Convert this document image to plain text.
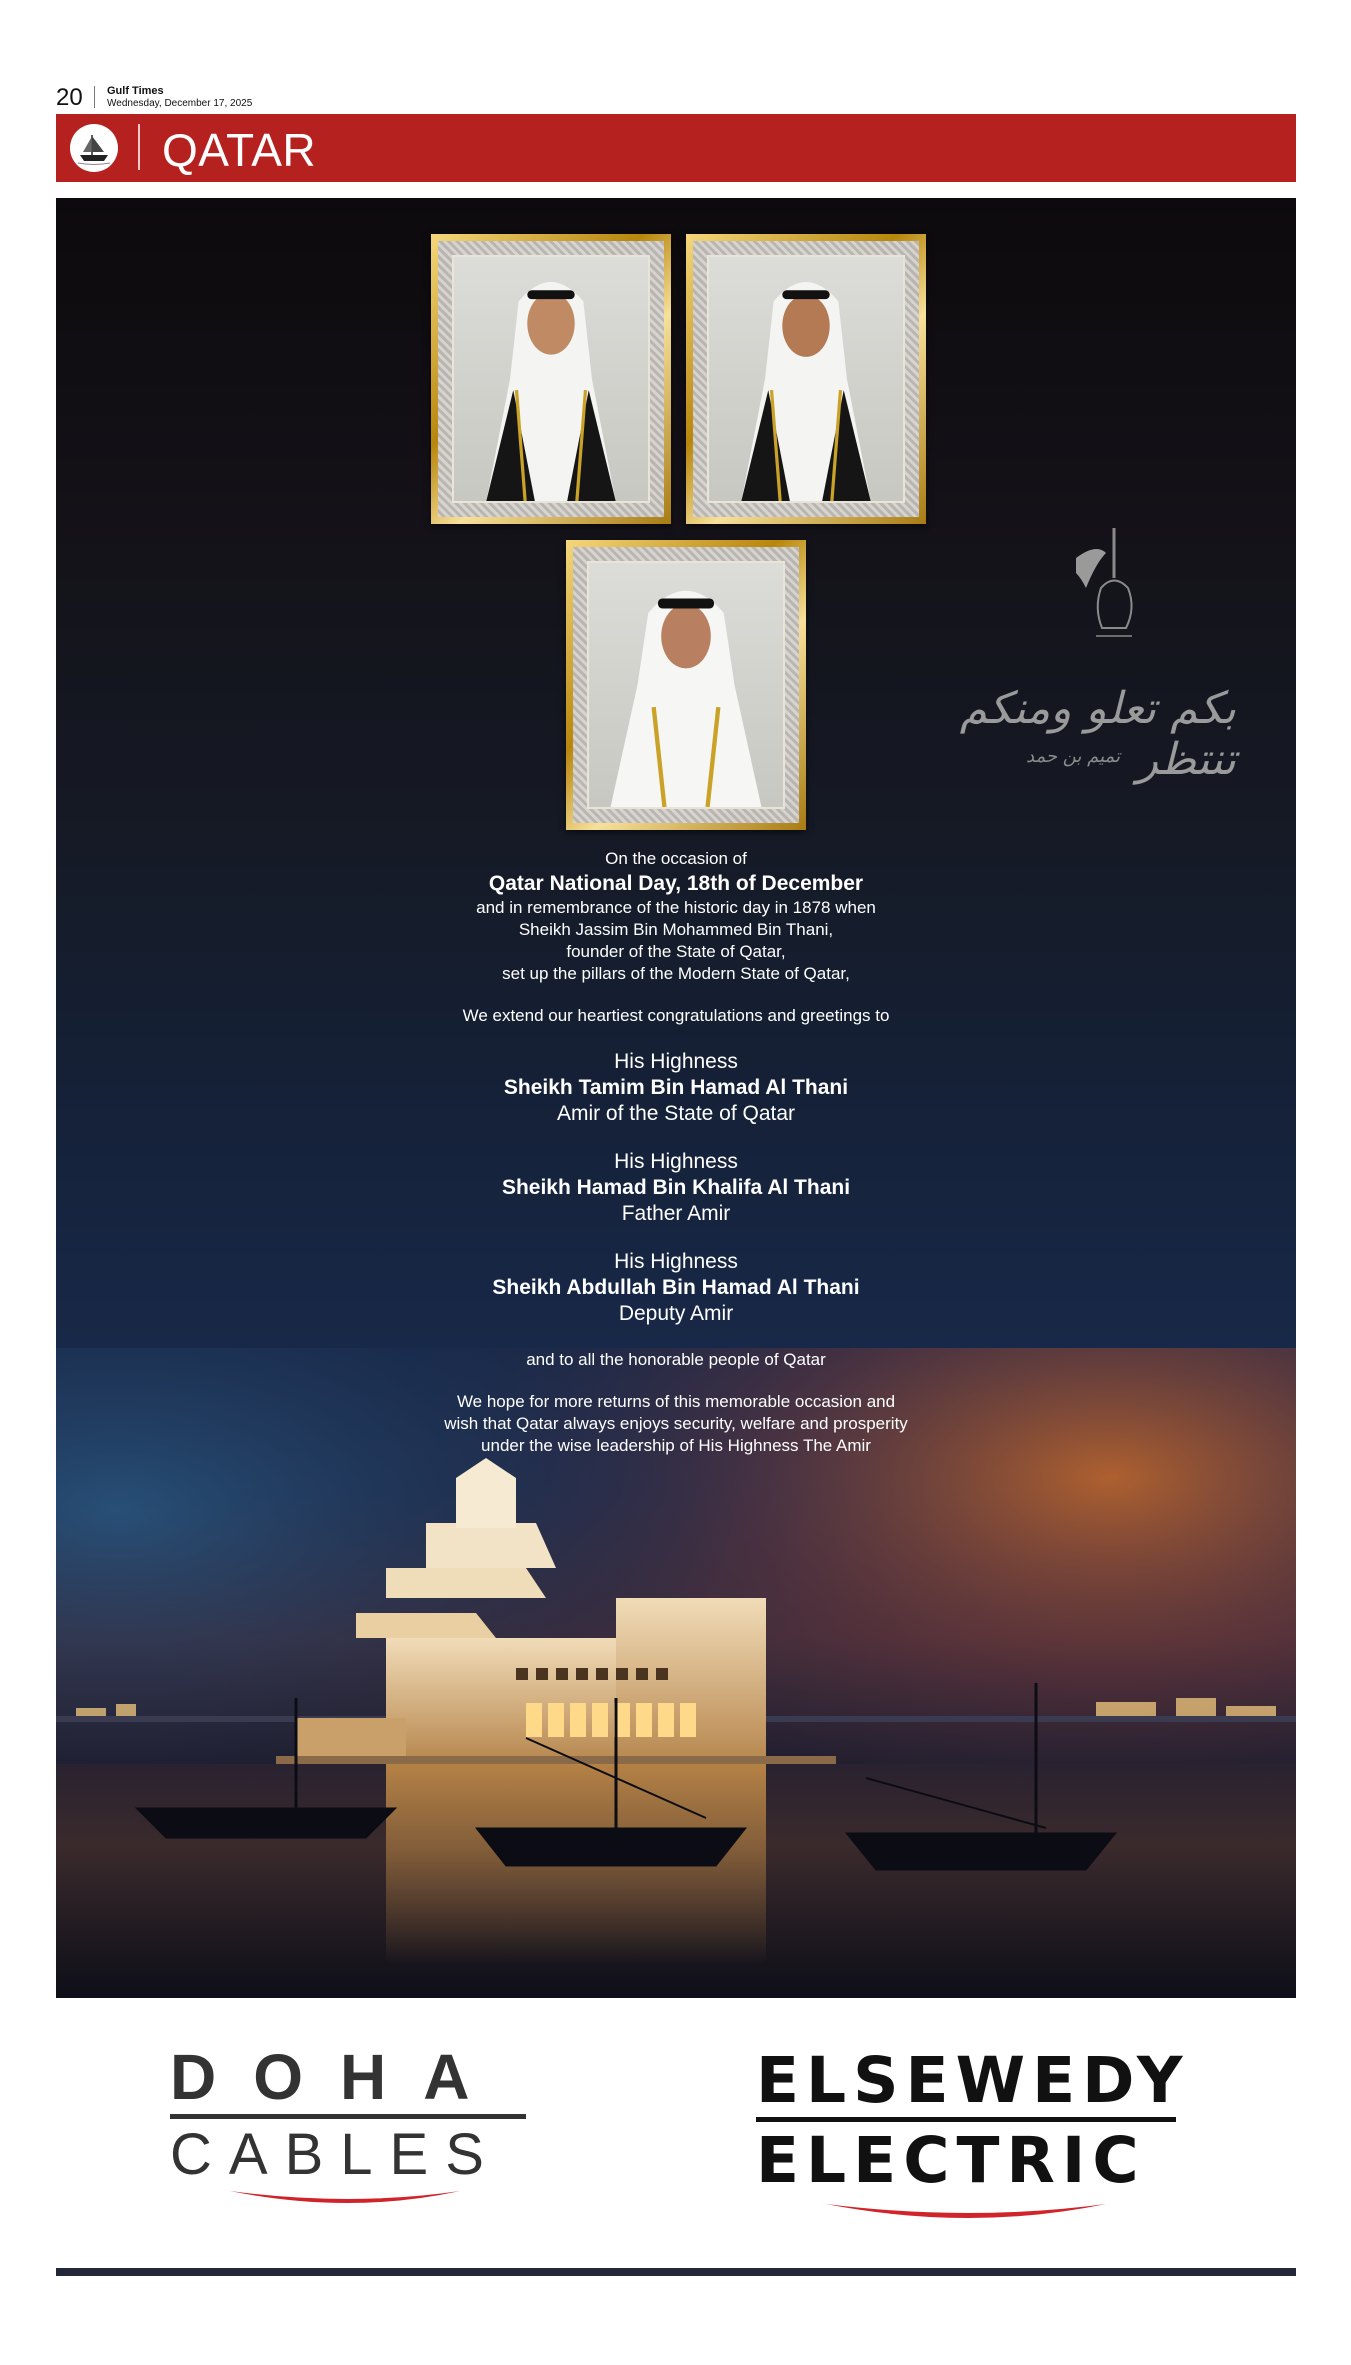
20 Gulf Times
Wednesday, December 17, 2025
QATAR
بكم تعلو ومنكم تنتظر
تميم بن حمد
On the occasion of
Qatar National Day, 18th of December
and in remembrance of the historic day in 1878 when
Sheikh Jassim Bin Mohammed Bin Thani,
founder of the State of Qatar,
set up the pillars of the Modern State of Qatar,
We extend our heartiest congratulations and greetings to
His Highness
Sheikh Tamim Bin Hamad Al Thani
Amir of the State of Qatar
His Highness
Sheikh Hamad Bin Khalifa Al Thani
Father Amir
His Highness
Sheikh Abdullah Bin Hamad Al Thani
Deputy Amir
and to all the honorable people of Qatar
We hope for more returns of this memorable occasion and
wish that Qatar always enjoys security, welfare and prosperity
under the wise leadership of His Highness The Amir
DOHA
CABLES
ELSEWEDY
ELECTRIC
